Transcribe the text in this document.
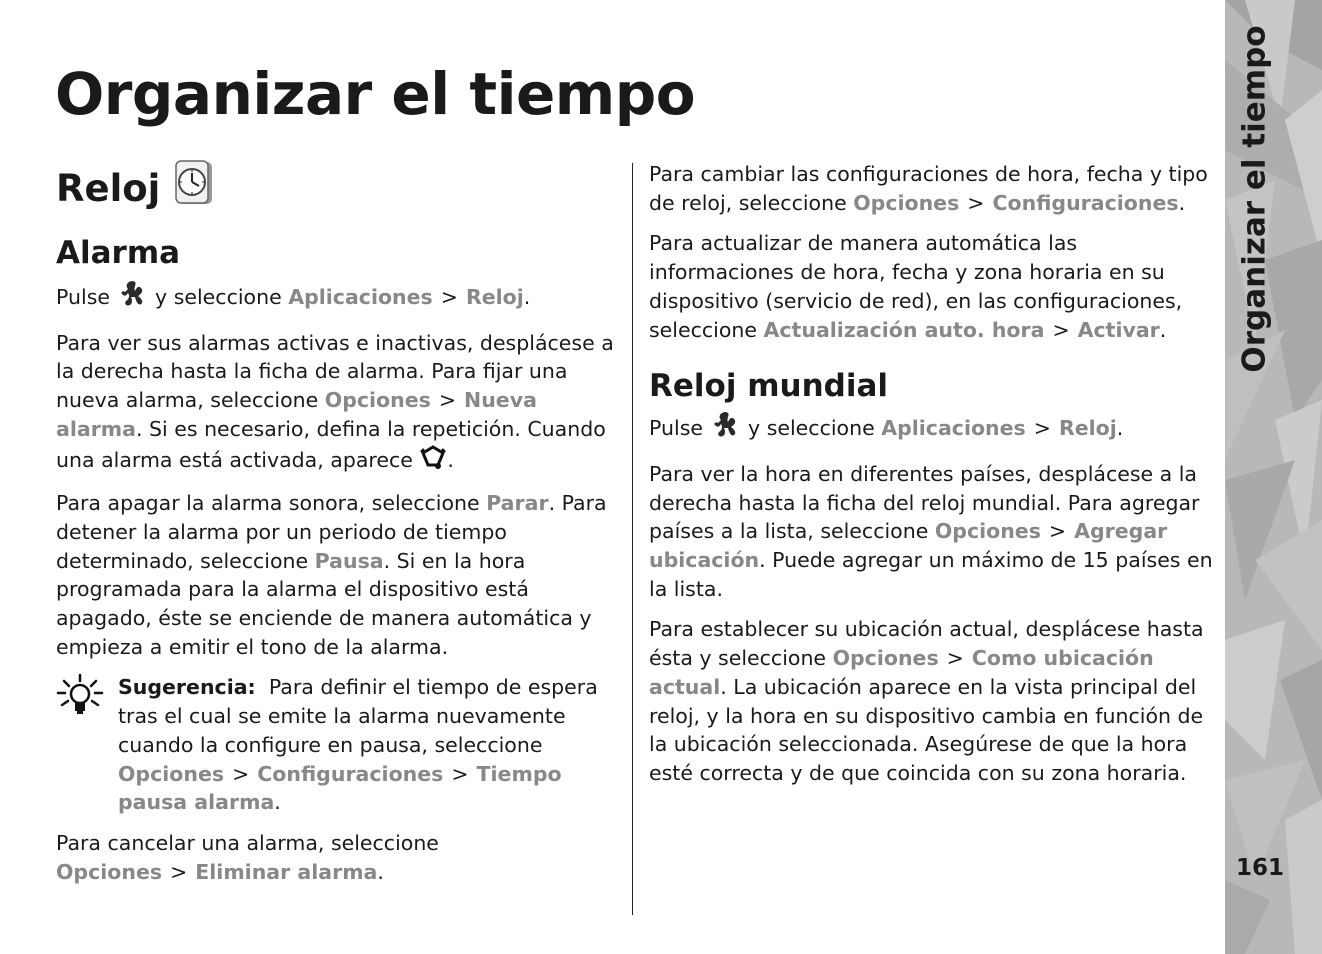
Organizar el tiempo	Organizar el tiempo
161
Reloj
Alarma

Pulse y seleccione Aplicaciones > Reloj.

Para ver sus alarmas activas e inactivas, desplácese a la derecha hasta la ficha de alarma. Para fijar una nueva alarma, seleccione Opciones > Nueva alarma. Si es necesario, defina la repetición. Cuando una alarma está activada, aparece .

Para apagar la alarma sonora, seleccione Parar. Para detener la alarma por un periodo de tiempo determinado, seleccione Pausa. Si en la hora programada para la alarma el dispositivo está apagado, éste se enciende de manera automática y empieza a emitir el tono de la alarma.

Sugerencia: Para definir el tiempo de espera tras el cual se emite la alarma nuevamente cuando la configure en pausa, seleccione Opciones > Configuraciones > Tiempo pausa alarma.

Para cancelar una alarma, seleccione Opciones > Eliminar alarma.

Para cambiar las configuraciones de hora, fecha y tipo de reloj, seleccione Opciones > Configuraciones.

Para actualizar de manera automática las informaciones de hora, fecha y zona horaria en su dispositivo (servicio de red), en las configuraciones, seleccione Actualización auto. hora > Activar.

Reloj mundial

Pulse y seleccione Aplicaciones > Reloj.

Para ver la hora en diferentes países, desplácese a la derecha hasta la ficha del reloj mundial. Para agregar países a la lista, seleccione Opciones > Agregar ubicación. Puede agregar un máximo de 15 países en la lista.

Para establecer su ubicación actual, desplácese hasta ésta y seleccione Opciones > Como ubicación actual. La ubicación aparece en la vista principal del reloj, y la hora en su dispositivo cambia en función de la ubicación seleccionada. Asegúrese de que la hora esté correcta y de que coincida con su zona horaria.
